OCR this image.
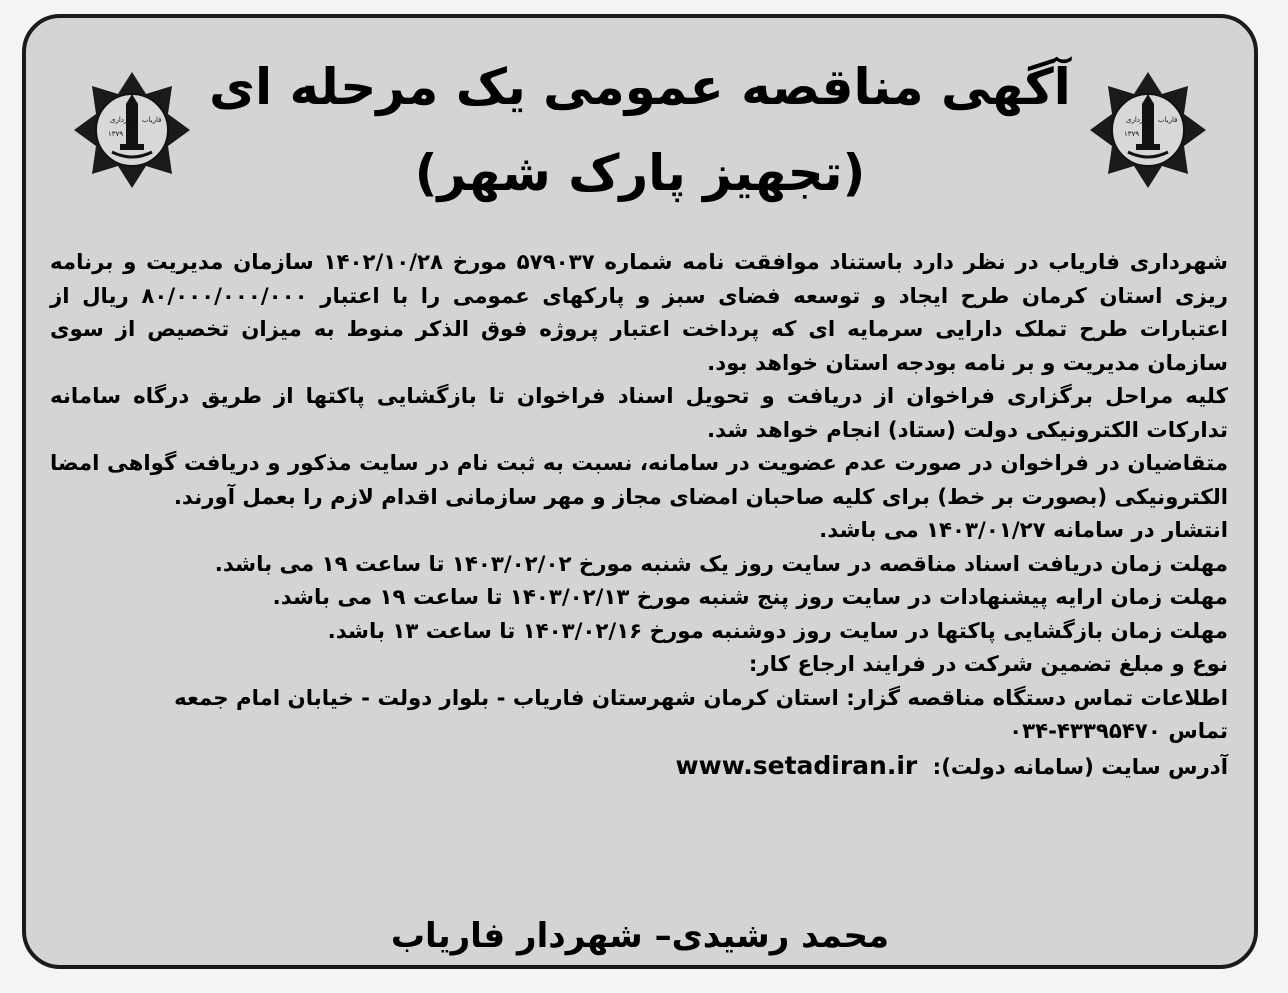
شهرداری فاریاب
۱۳۷۹
شهرداری فاریاب
۱۳۷۹
آگهی مناقصه عمومی یک مرحله ای
(تجهیز پارک شهر)

شهرداری فاریاب در نظر دارد باستناد موافقت نامه شماره ۵۷۹۰۳۷ مورخ ۱۴۰۲/۱۰/۲۸ سازمان مدیریت و برنامه ریزی استان کرمان طرح ایجاد و توسعه فضای سبز و پارکهای عمومی را با اعتبار ۸۰/۰۰۰/۰۰۰/۰۰۰ ریال از اعتبارات طرح تملک دارایی سرمایه ای که پرداخت اعتبار پروژه فوق الذکر منوط به میزان تخصیص از سوی سازمان مدیریت و بر نامه بودجه استان خواهد بود.

کلیه مراحل برگزاری فراخوان از دریافت و تحویل اسناد فراخوان تا بازگشایی پاکتها از طریق درگاه سامانه تدارکات الکترونیکی دولت (ستاد) انجام خواهد شد.

متقاضیان در فراخوان در صورت عدم عضویت در سامانه، نسبت به ثبت نام در سایت مذکور و دریافت گواهی امضا الکترونیکی (بصورت بر خط) برای کلیه صاحبان امضای مجاز و مهر سازمانی اقدام لازم را بعمل آورند.

انتشار در سامانه ۱۴۰۳/۰۱/۲۷ می باشد.

مهلت زمان دریافت اسناد مناقصه در سایت روز یک شنبه مورخ ۱۴۰۳/۰۲/۰۲ تا ساعت ۱۹ می باشد.

مهلت زمان ارایه پیشنهادات در سایت روز پنج شنبه مورخ ۱۴۰۳/۰۲/۱۳ تا ساعت ۱۹ می باشد.

مهلت زمان بازگشایی پاکتها در سایت روز دوشنبه مورخ ۱۴۰۳/۰۲/۱۶ تا ساعت ۱۳ باشد.

نوع و مبلغ تضمین شرکت در فرایند ارجاع کار:

اطلاعات تماس دستگاه مناقصه گزار: استان کرمان شهرستان فاریاب - بلوار دولت - خیابان امام جمعه

تماس ۰۳۴-۴۳۳۹۵۴۷۰

آدرس سایت (سامانه دولت): www.setadiran.ir

محمد رشیدی– شهردار فاریاب
